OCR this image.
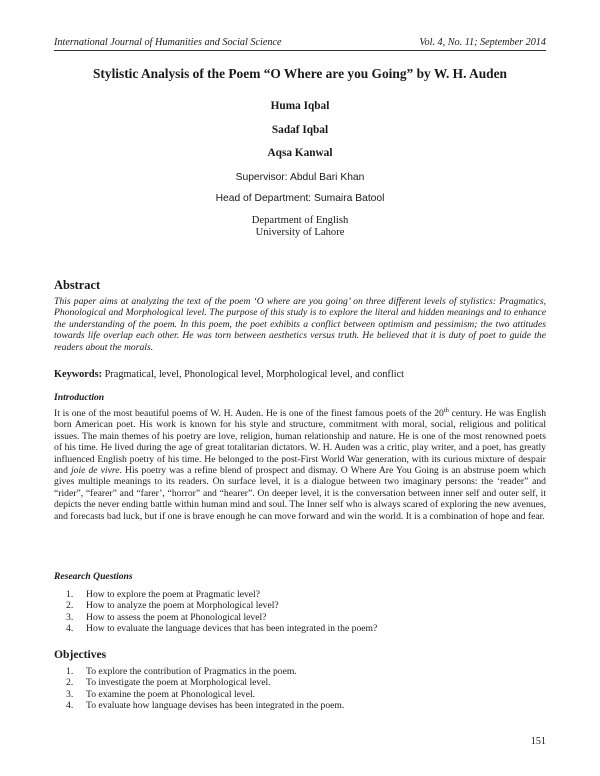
International Journal of Humanities and Social Science	Vol. 4, No. 11; September 2014
Stylistic Analysis of the Poem “O Where are you Going” by W. H. Auden
Huma Iqbal
Sadaf Iqbal
Aqsa Kanwal
Supervisor: Abdul Bari Khan
Head of Department: Sumaira Batool
Department of English
University of Lahore
Abstract

This paper aims at analyzing the text of the poem ‘O where are you going’ on three different levels of stylistics: Pragmatics, Phonological and Morphological level. The purpose of this study is to explore the literal and hidden meanings and to enhance the understanding of the poem. In this poem, the poet exhibits a conflict between optimism and pessimism; the two attitudes towards life overlap each other. He was torn between aesthetics versus truth. He believed that it is duty of poet to guide the readers about the morals.

Keywords: Pragmatical, level, Phonological level, Morphological level, and conflict
Introduction

It is one of the most beautiful poems of W. H. Auden. He is one of the finest famous poets of the 20th century. He was English born American poet. His work is known for his style and structure, commitment with moral, social, religious and political issues. The main themes of his poetry are love, religion, human relationship and nature. He is one of the most renowned poets of his time. He lived during the age of great totalitarian dictators. W. H. Auden was a critic, play writer, and a poet, has greatly influenced English poetry of his time. He belonged to the post-First World War generation, with its curious mixture of despair and joie de vivre. His poetry was a refine blend of prospect and dismay. O Where Are You Going is an abstruse poem which gives multiple meanings to its readers. On surface level, it is a dialogue between two imaginary persons: the ‘reader” and “rider”, “fearer” and “farer’, “horror” and “hearer”. On deeper level, it is the conversation between inner self and outer self, it depicts the never ending battle within human mind and soul. The Inner self who is always scared of exploring the new avenues, and forecasts bad luck, but if one is brave enough he can move forward and win the world. It is a combination of hope and fear.

Research Questions
1.	How to explore the poem at Pragmatic level?
2.	How to analyze the poem at Morphological level?
3.	How to assess the poem at Phonological level?
4.	How to evaluate the language devices that has been integrated in the poem?
Objectives
1.	To explore the contribution of Pragmatics in the poem.
2.	To investigate the poem at Morphological level.
3.	To examine the poem at Phonological level.
4.	To evaluate how language devises has been integrated in the poem.
151
